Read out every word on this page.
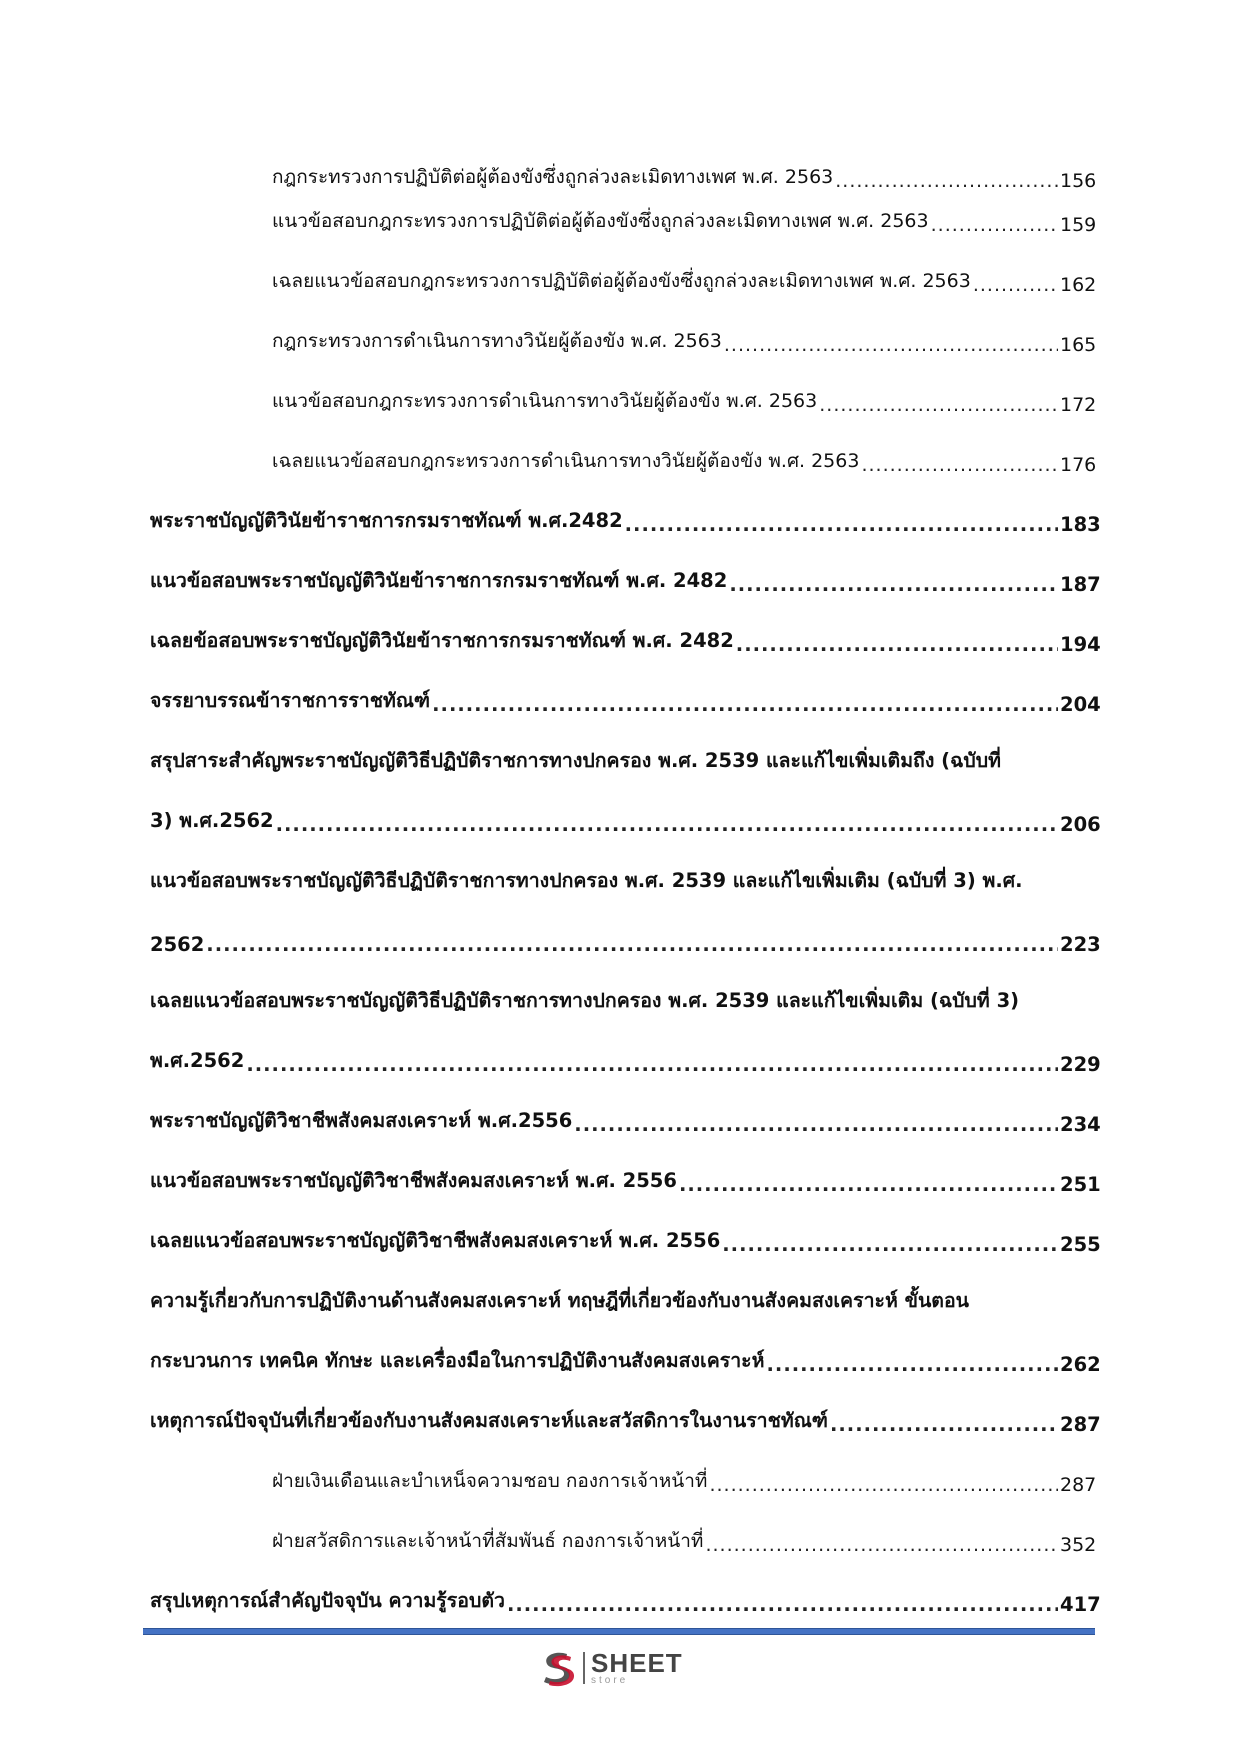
กฎกระทรวงการปฏิบัติต่อผู้ต้องขังซึ่งถูกล่วงละเมิดทางเพศ พ.ศ. 2563 .....	156
แนวข้อสอบกฎกระทรวงการปฏิบัติต่อผู้ต้องขังซึ่งถูกล่วงละเมิดทางเพศ พ.ศ. 2563 .....	159
เฉลยแนวข้อสอบกฎกระทรวงการปฏิบัติต่อผู้ต้องขังซึ่งถูกล่วงละเมิดทางเพศ พ.ศ. 2563 .....	162
กฎกระทรวงการดำเนินการทางวินัยผู้ต้องขัง พ.ศ. 2563 .....	165
แนวข้อสอบกฎกระทรวงการดำเนินการทางวินัยผู้ต้องขัง พ.ศ. 2563 .....	172
เฉลยแนวข้อสอบกฎกระทรวงการดำเนินการทางวินัยผู้ต้องขัง พ.ศ. 2563 .....	176
พระราชบัญญัติวินัยข้าราชการกรมราชทัณฑ์ พ.ศ.2482 .....	183
แนวข้อสอบพระราชบัญญัติวินัยข้าราชการกรมราชทัณฑ์ พ.ศ. 2482 .....	187
เฉลยข้อสอบพระราชบัญญัติวินัยข้าราชการกรมราชทัณฑ์ พ.ศ. 2482 .....	194
จรรยาบรรณข้าราชการราชทัณฑ์ .....	204
สรุปสาระสำคัญพระราชบัญญัติวิธีปฏิบัติราชการทางปกครอง พ.ศ. 2539 และแก้ไขเพิ่มเติมถึง (ฉบับที่
3) พ.ศ.2562 .....	206
แนวข้อสอบพระราชบัญญัติวิธีปฏิบัติราชการทางปกครอง พ.ศ. 2539 และแก้ไขเพิ่มเติม (ฉบับที่ 3) พ.ศ.
2562 .....	223
เฉลยแนวข้อสอบพระราชบัญญัติวิธีปฏิบัติราชการทางปกครอง พ.ศ. 2539 และแก้ไขเพิ่มเติม (ฉบับที่ 3)
พ.ศ.2562 .....	229
พระราชบัญญัติวิชาชีพสังคมสงเคราะห์ พ.ศ.2556 .....	234
แนวข้อสอบพระราชบัญญัติวิชาชีพสังคมสงเคราะห์ พ.ศ. 2556 .....	251
เฉลยแนวข้อสอบพระราชบัญญัติวิชาชีพสังคมสงเคราะห์ พ.ศ. 2556 .....	255
ความรู้เกี่ยวกับการปฏิบัติงานด้านสังคมสงเคราะห์ ทฤษฎีที่เกี่ยวข้องกับงานสังคมสงเคราะห์ ขั้นตอน
กระบวนการ เทคนิค ทักษะ และเครื่องมือในการปฏิบัติงานสังคมสงเคราะห์ .....	262
เหตุการณ์ปัจจุบันที่เกี่ยวข้องกับงานสังคมสงเคราะห์และสวัสดิการในงานราชทัณฑ์ .....	287
ฝ่ายเงินเดือนและบำเหน็จความชอบ กองการเจ้าหน้าที่ .....	287
ฝ่ายสวัสดิการและเจ้าหน้าที่สัมพันธ์ กองการเจ้าหน้าที่ .....	352
สรุปเหตุการณ์สำคัญปัจจุบัน ความรู้รอบตัว .....	417
SHEET
store
